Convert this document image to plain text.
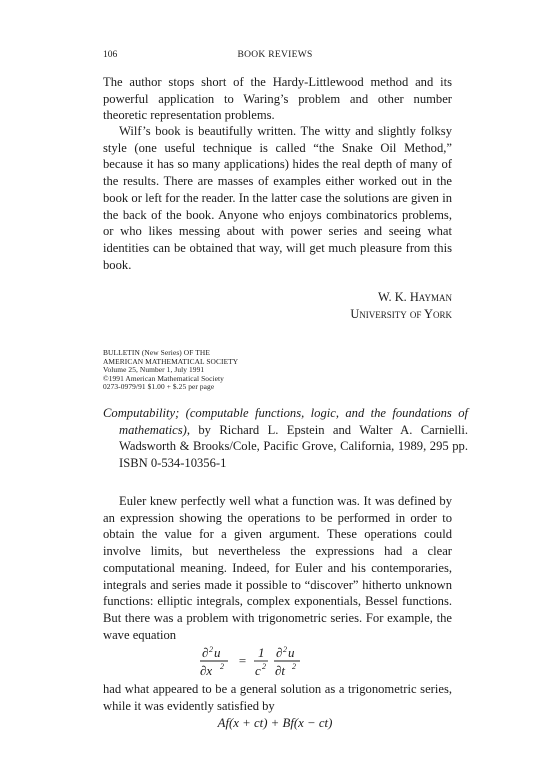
106	BOOK REVIEWS

The author stops short of the Hardy-Littlewood method and its powerful application to Waring’s problem and other number theoretic representation problems.

Wilf’s book is beautifully written. The witty and slightly folksy style (one useful technique is called “the Snake Oil Method,” because it has so many applications) hides the real depth of many of the results. There are masses of examples either worked out in the book or left for the reader. In the latter case the solutions are given in the back of the book. Anyone who enjoys combinatorics problems, or who likes messing about with power series and seeing what identities can be obtained that way, will get much pleasure from this book.

W. K. Hayman
University of York
BULLETIN (New Series) OF THE
AMERICAN MATHEMATICAL SOCIETY
Volume 25, Number 1, July 1991
©1991 American Mathematical Society
0273-0979/91 $1.00 + $.25 per page
Computability; (computable functions, logic, and the foundations of mathematics), by Richard L. Epstein and Walter A. Carnielli. Wadsworth & Brooks/Cole, Pacific Grove, California, 1989, 295 pp. ISBN 0-534-10356-1

Euler knew perfectly well what a function was. It was defined by an expression showing the operations to be performed in order to obtain the value for a given argument. These operations could involve limits, but nevertheless the expressions had a clear computational meaning. Indeed, for Euler and his contemporaries, integrals and series made it possible to “discover” hitherto unknown functions: elliptic integrals, complex exponentials, Bessel functions. But there was a problem with trigonometric series. For example, the wave equation

∂ 2 u
∂x 2 =
1
c 2
∂ 2 u
∂t 2

had what appeared to be a general solution as a trigonometric series, while it was evidently satisfied by

Af(x + ct) + Bf(x − ct)
